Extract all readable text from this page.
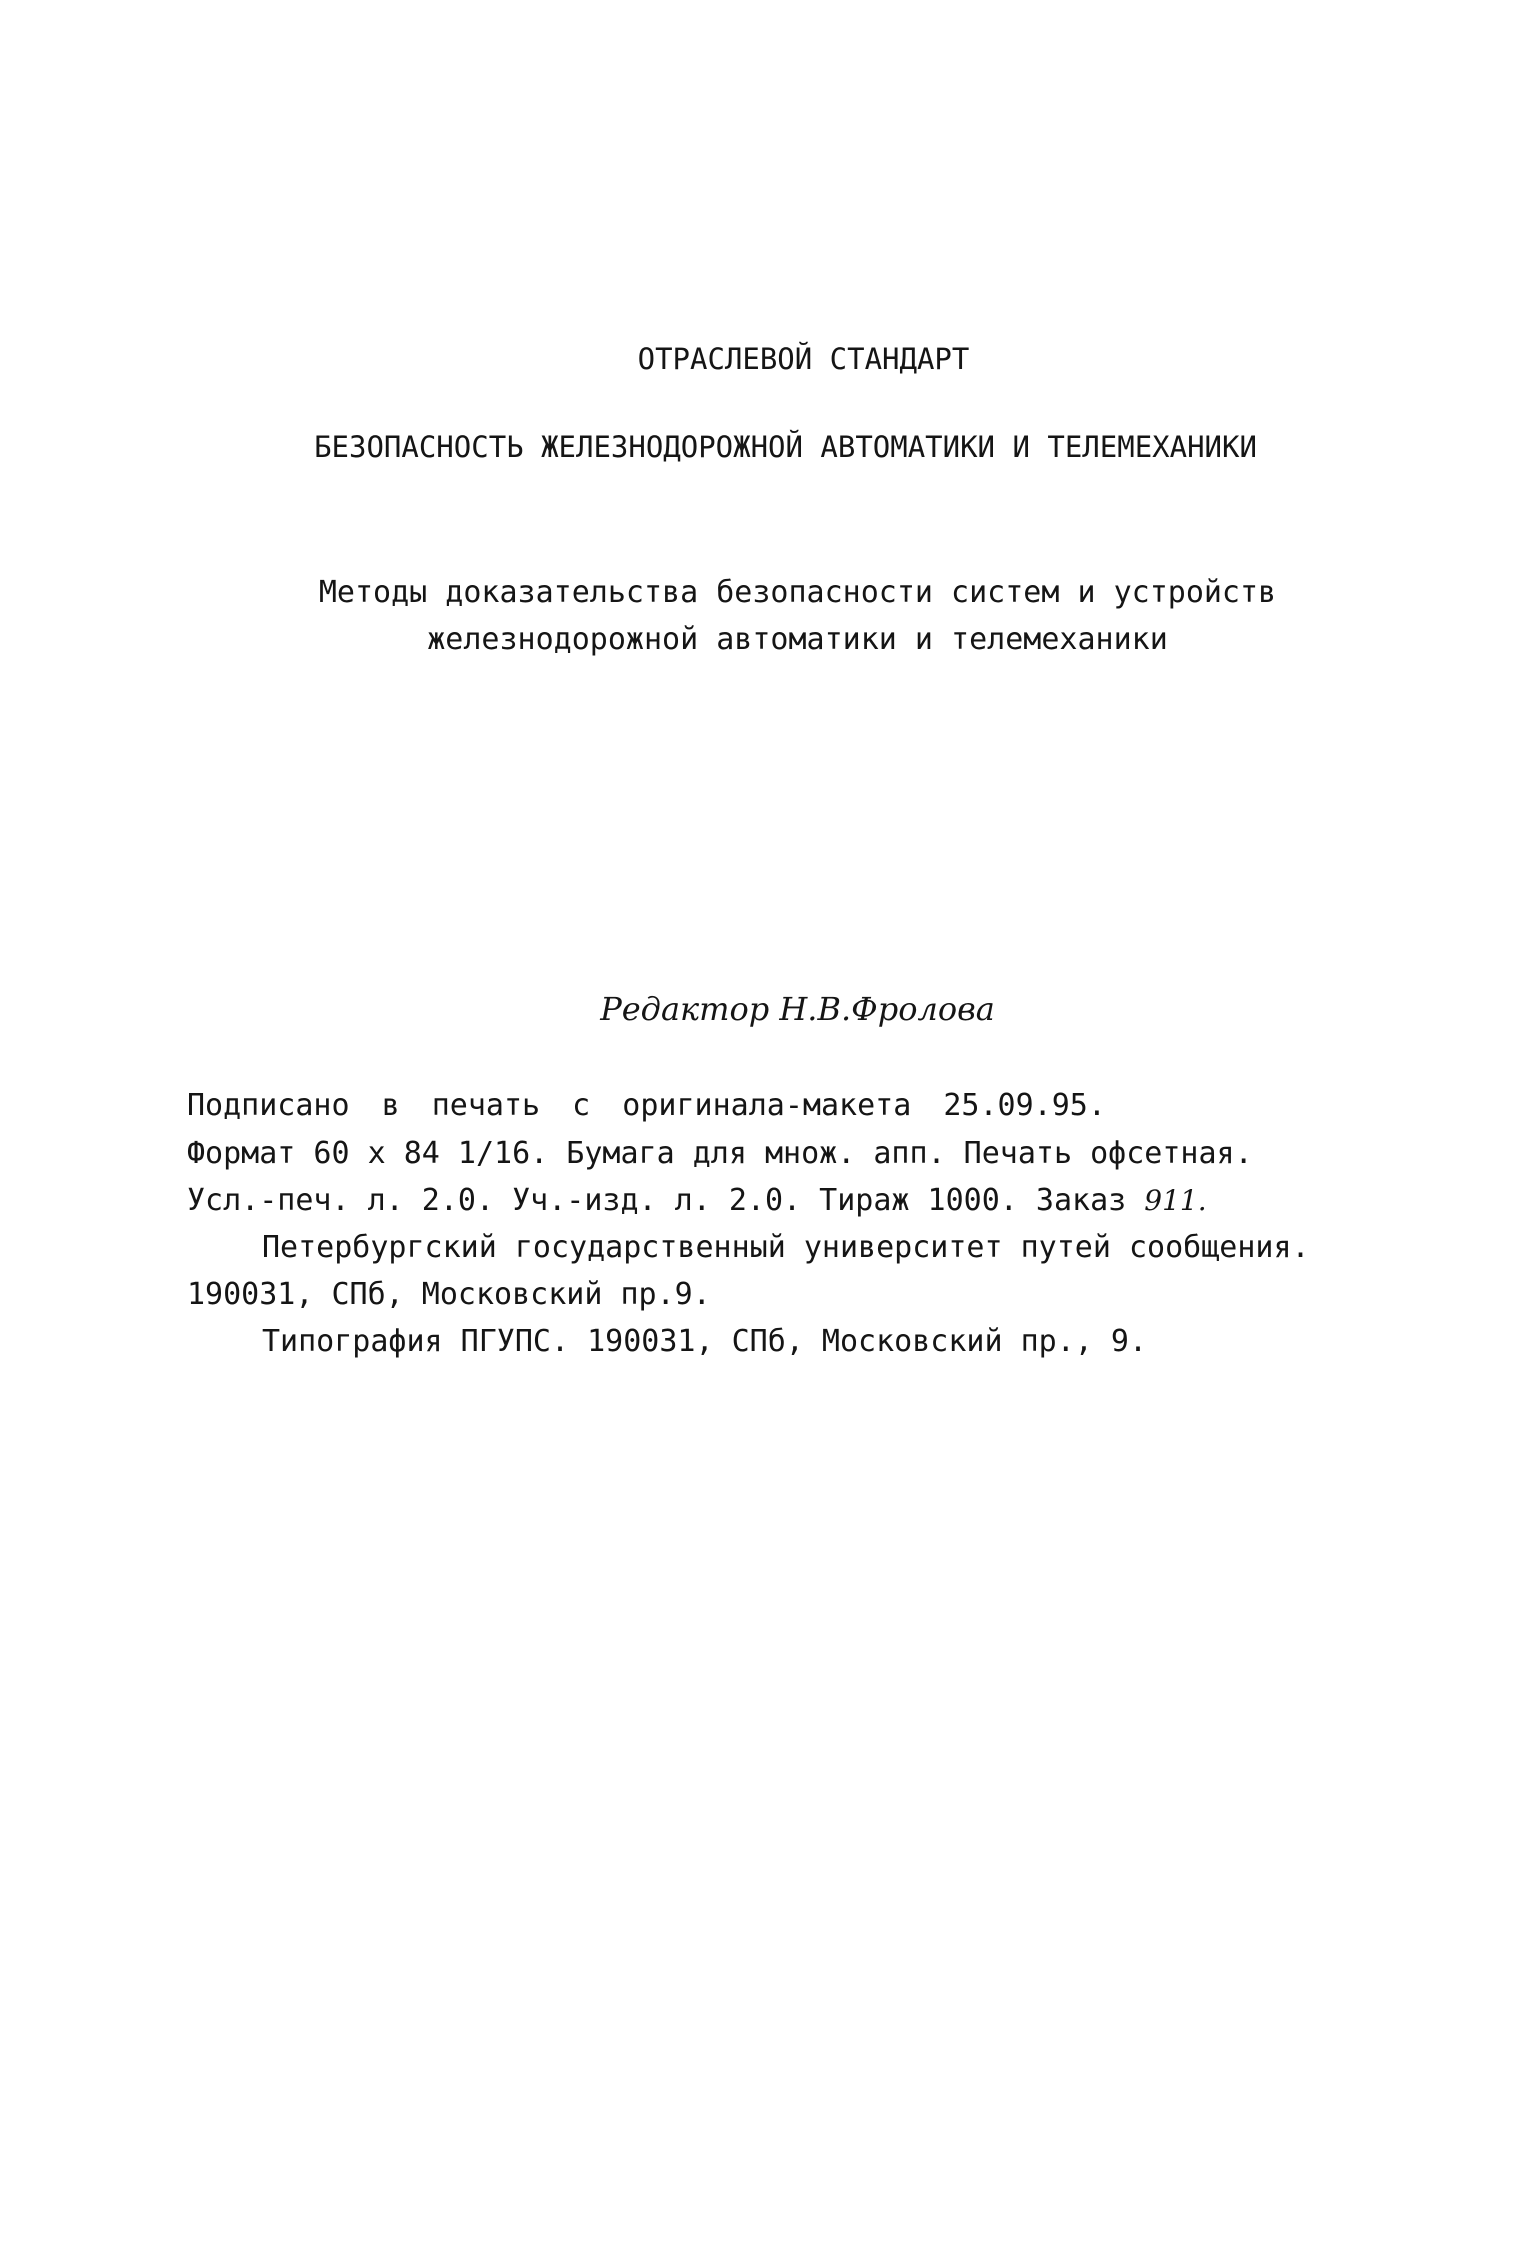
ОТРАСЛЕВОЙ СТАНДАРТ
БЕЗОПАСНОСТЬ ЖЕЛЕЗНОДОРОЖНОЙ АВТОМАТИКИ И ТЕЛЕМЕХАНИКИ
Методы доказательства безопасности систем и устройств
железнодорожной автоматики и телемеханики
Редактор Н.В.Фролова
Подписано в печать с оригинала-макета 25.09.95.
Формат 60 x 84 1/16. Бумага для множ. апп. Печать офсетная.
Усл.-печ. л. 2.0. Уч.-изд. л. 2.0. Тираж 1000. Заказ 911.
Петербургский государственный университет путей сообщения.
190031, СПб, Московский пр.9.
Типография ПГУПС. 190031, СПб, Московский пр., 9.
